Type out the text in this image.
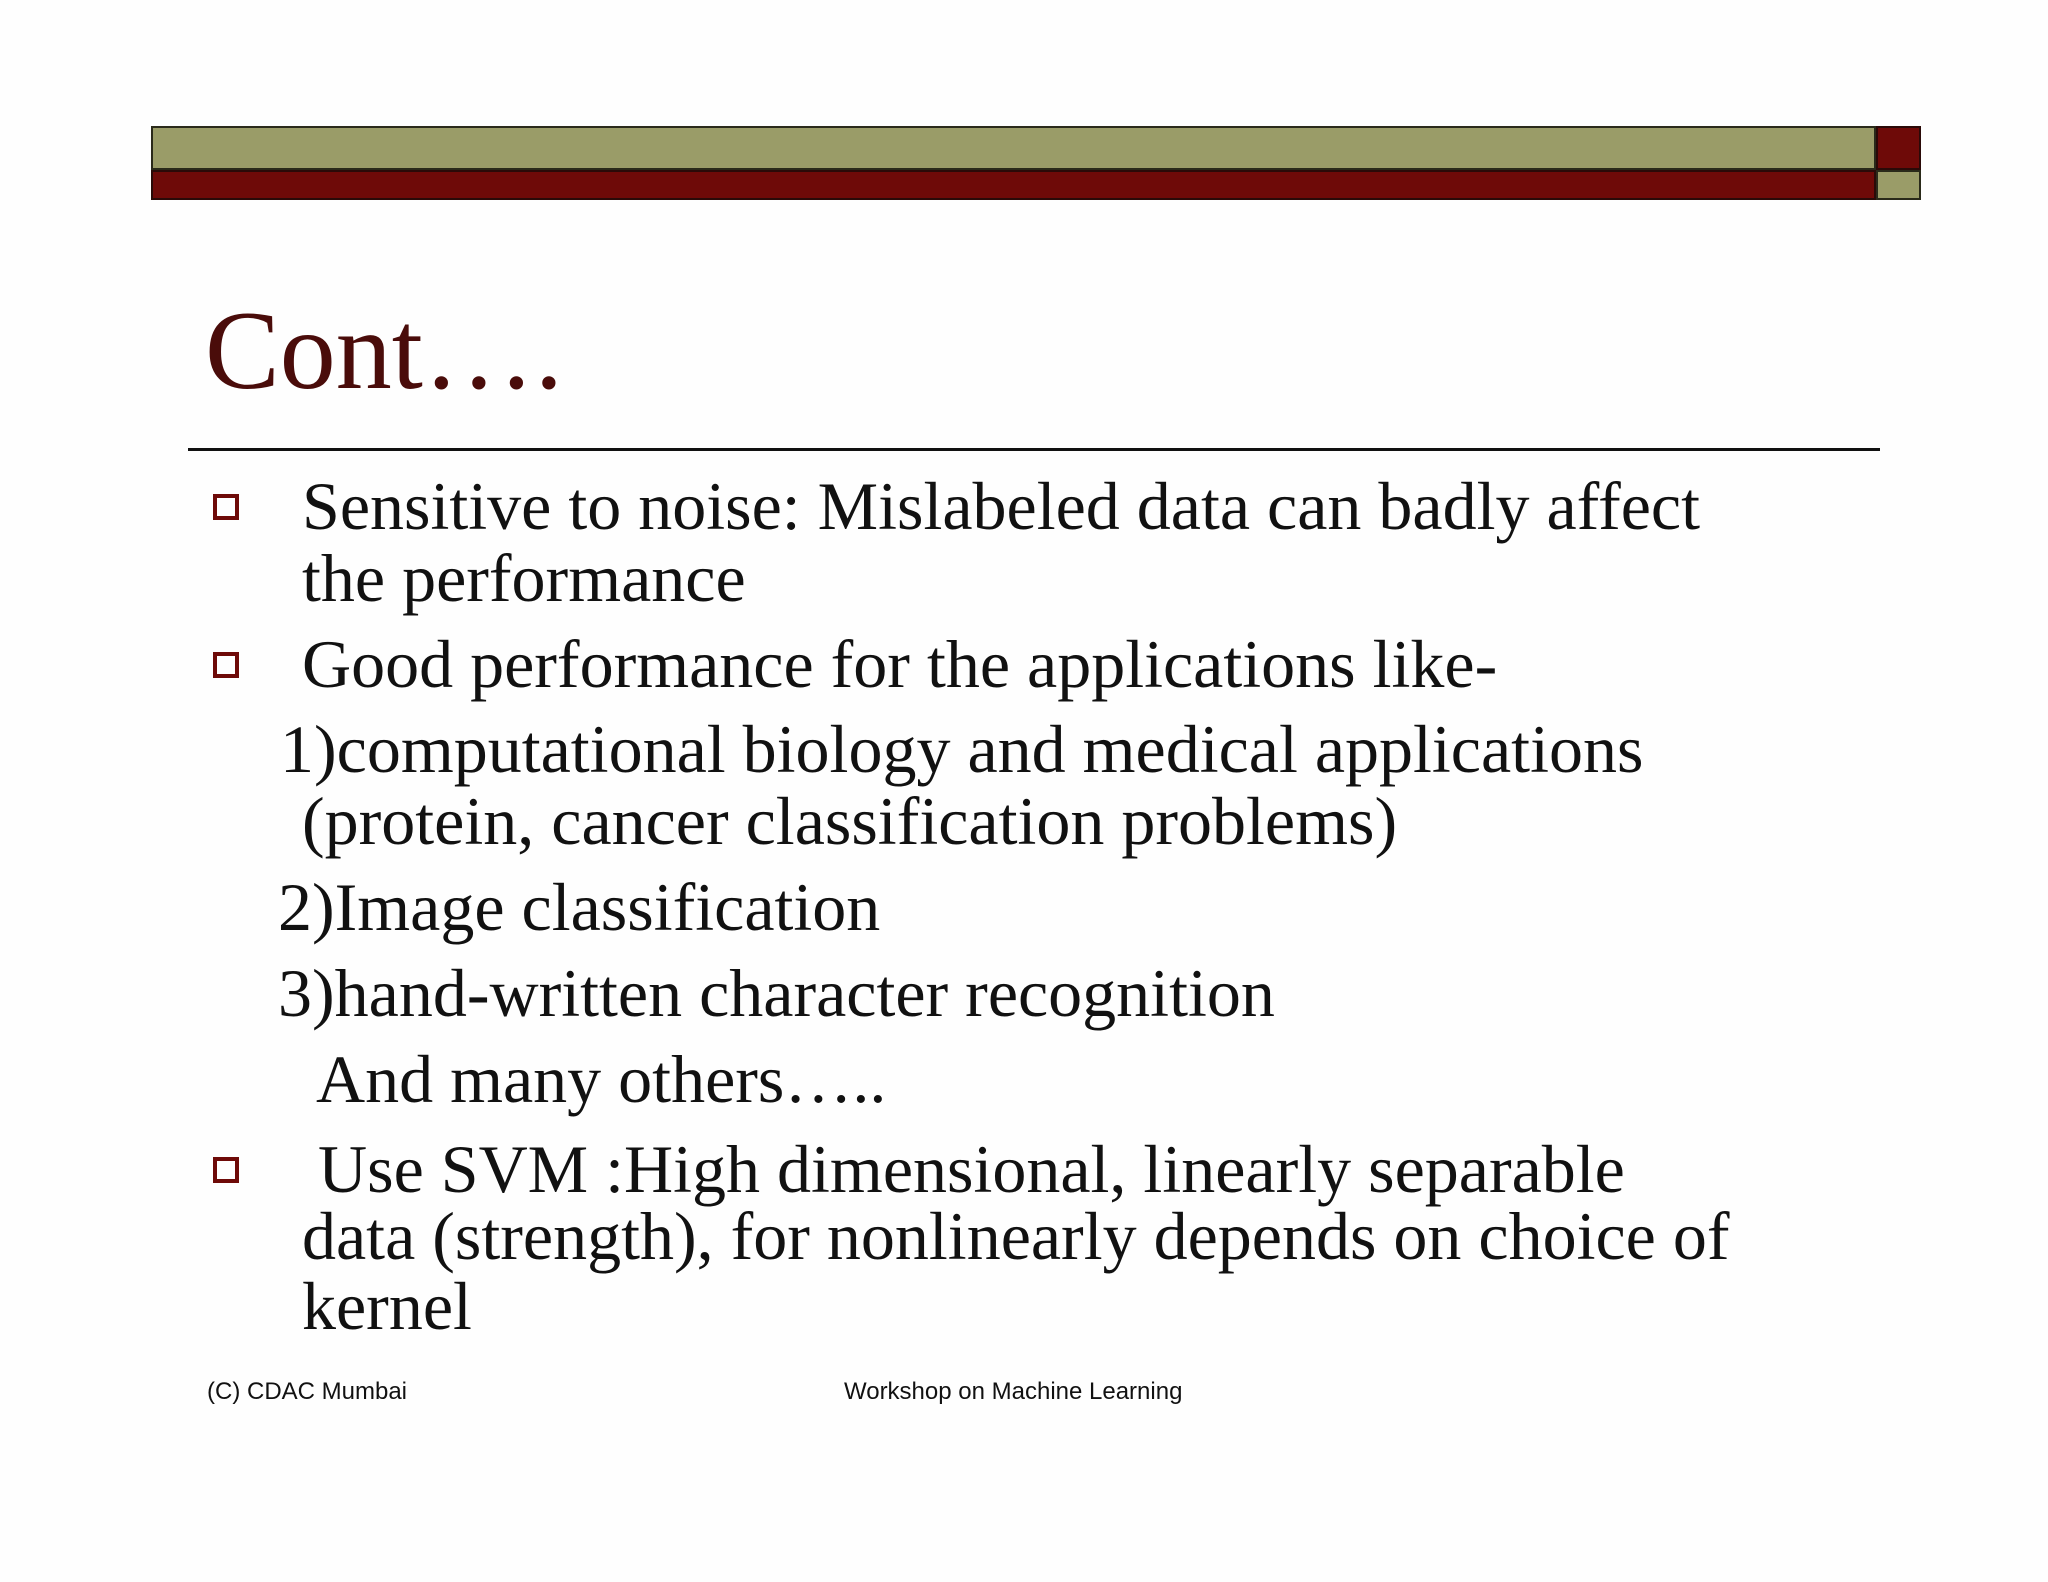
Cont….
Sensitive to noise: Mislabeled data can badly affect
the performance
Good performance for the applications like-
1)computational biology and medical applications
(protein, cancer classification problems)
2)Image classification
3)hand-written character recognition
And many others…..
Use SVM :High dimensional, linearly separable
data (strength), for nonlinearly depends on choice of
kernel
(C) CDAC Mumbai	Workshop on Machine Learning
